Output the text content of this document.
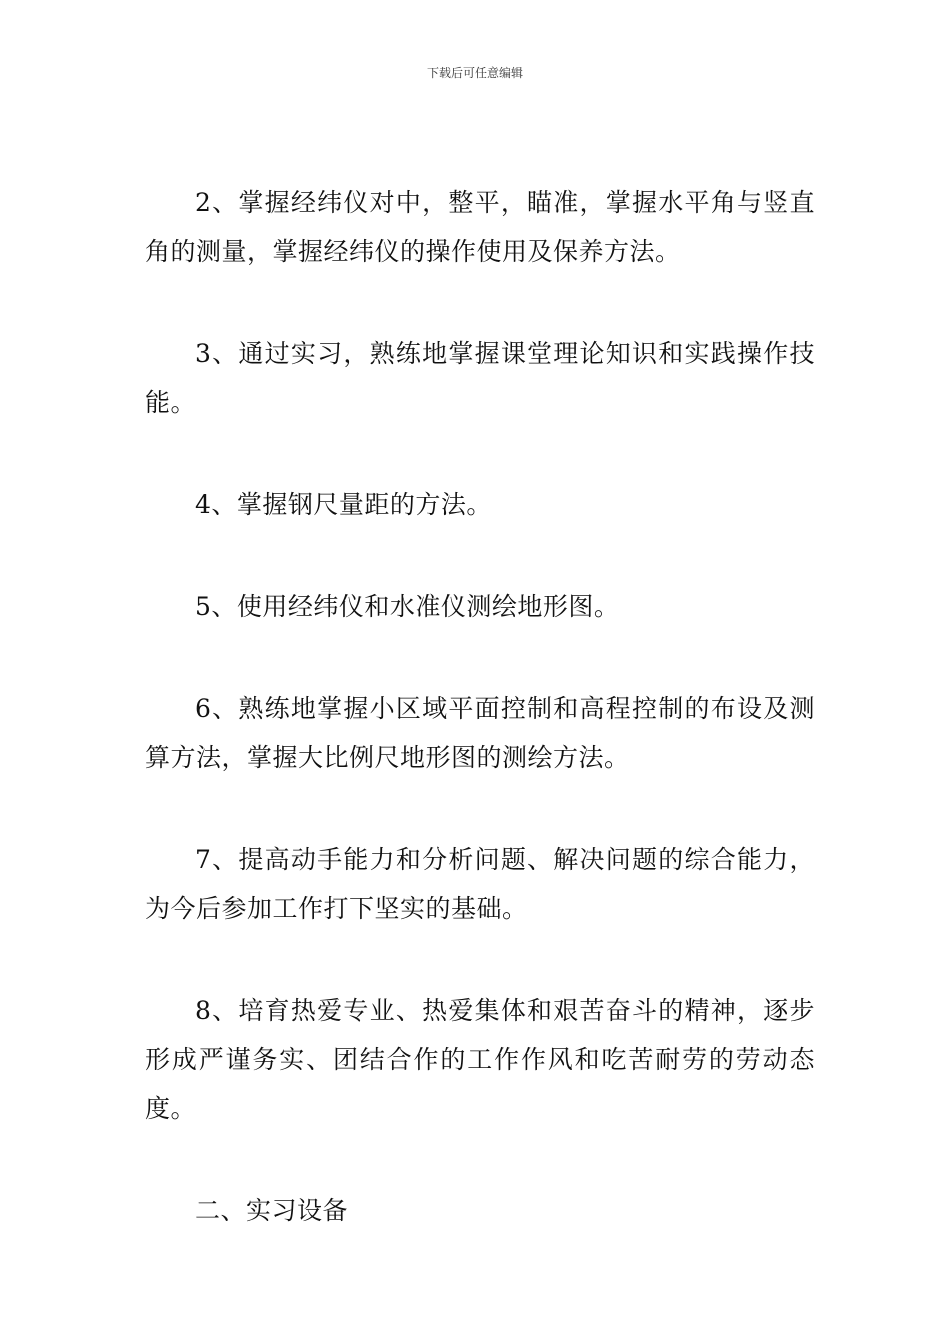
下载后可任意编辑

2、掌握经纬仪对中，整平，瞄准，掌握水平角与竖直角的测量，掌握经纬仪的操作使用及保养方法。

3、通过实习，熟练地掌握课堂理论知识和实践操作技能。

4、掌握钢尺量距的方法。

5、使用经纬仪和水准仪测绘地形图。

6、熟练地掌握小区域平面控制和高程控制的布设及测算方法，掌握大比例尺地形图的测绘方法。

7、提高动手能力和分析问题、解决问题的综合能力，为今后参加工作打下坚实的基础。

8、培育热爱专业、热爱集体和艰苦奋斗的精神，逐步形成严谨务实、团结合作的工作作风和吃苦耐劳的劳动态度。

二、实习设备
